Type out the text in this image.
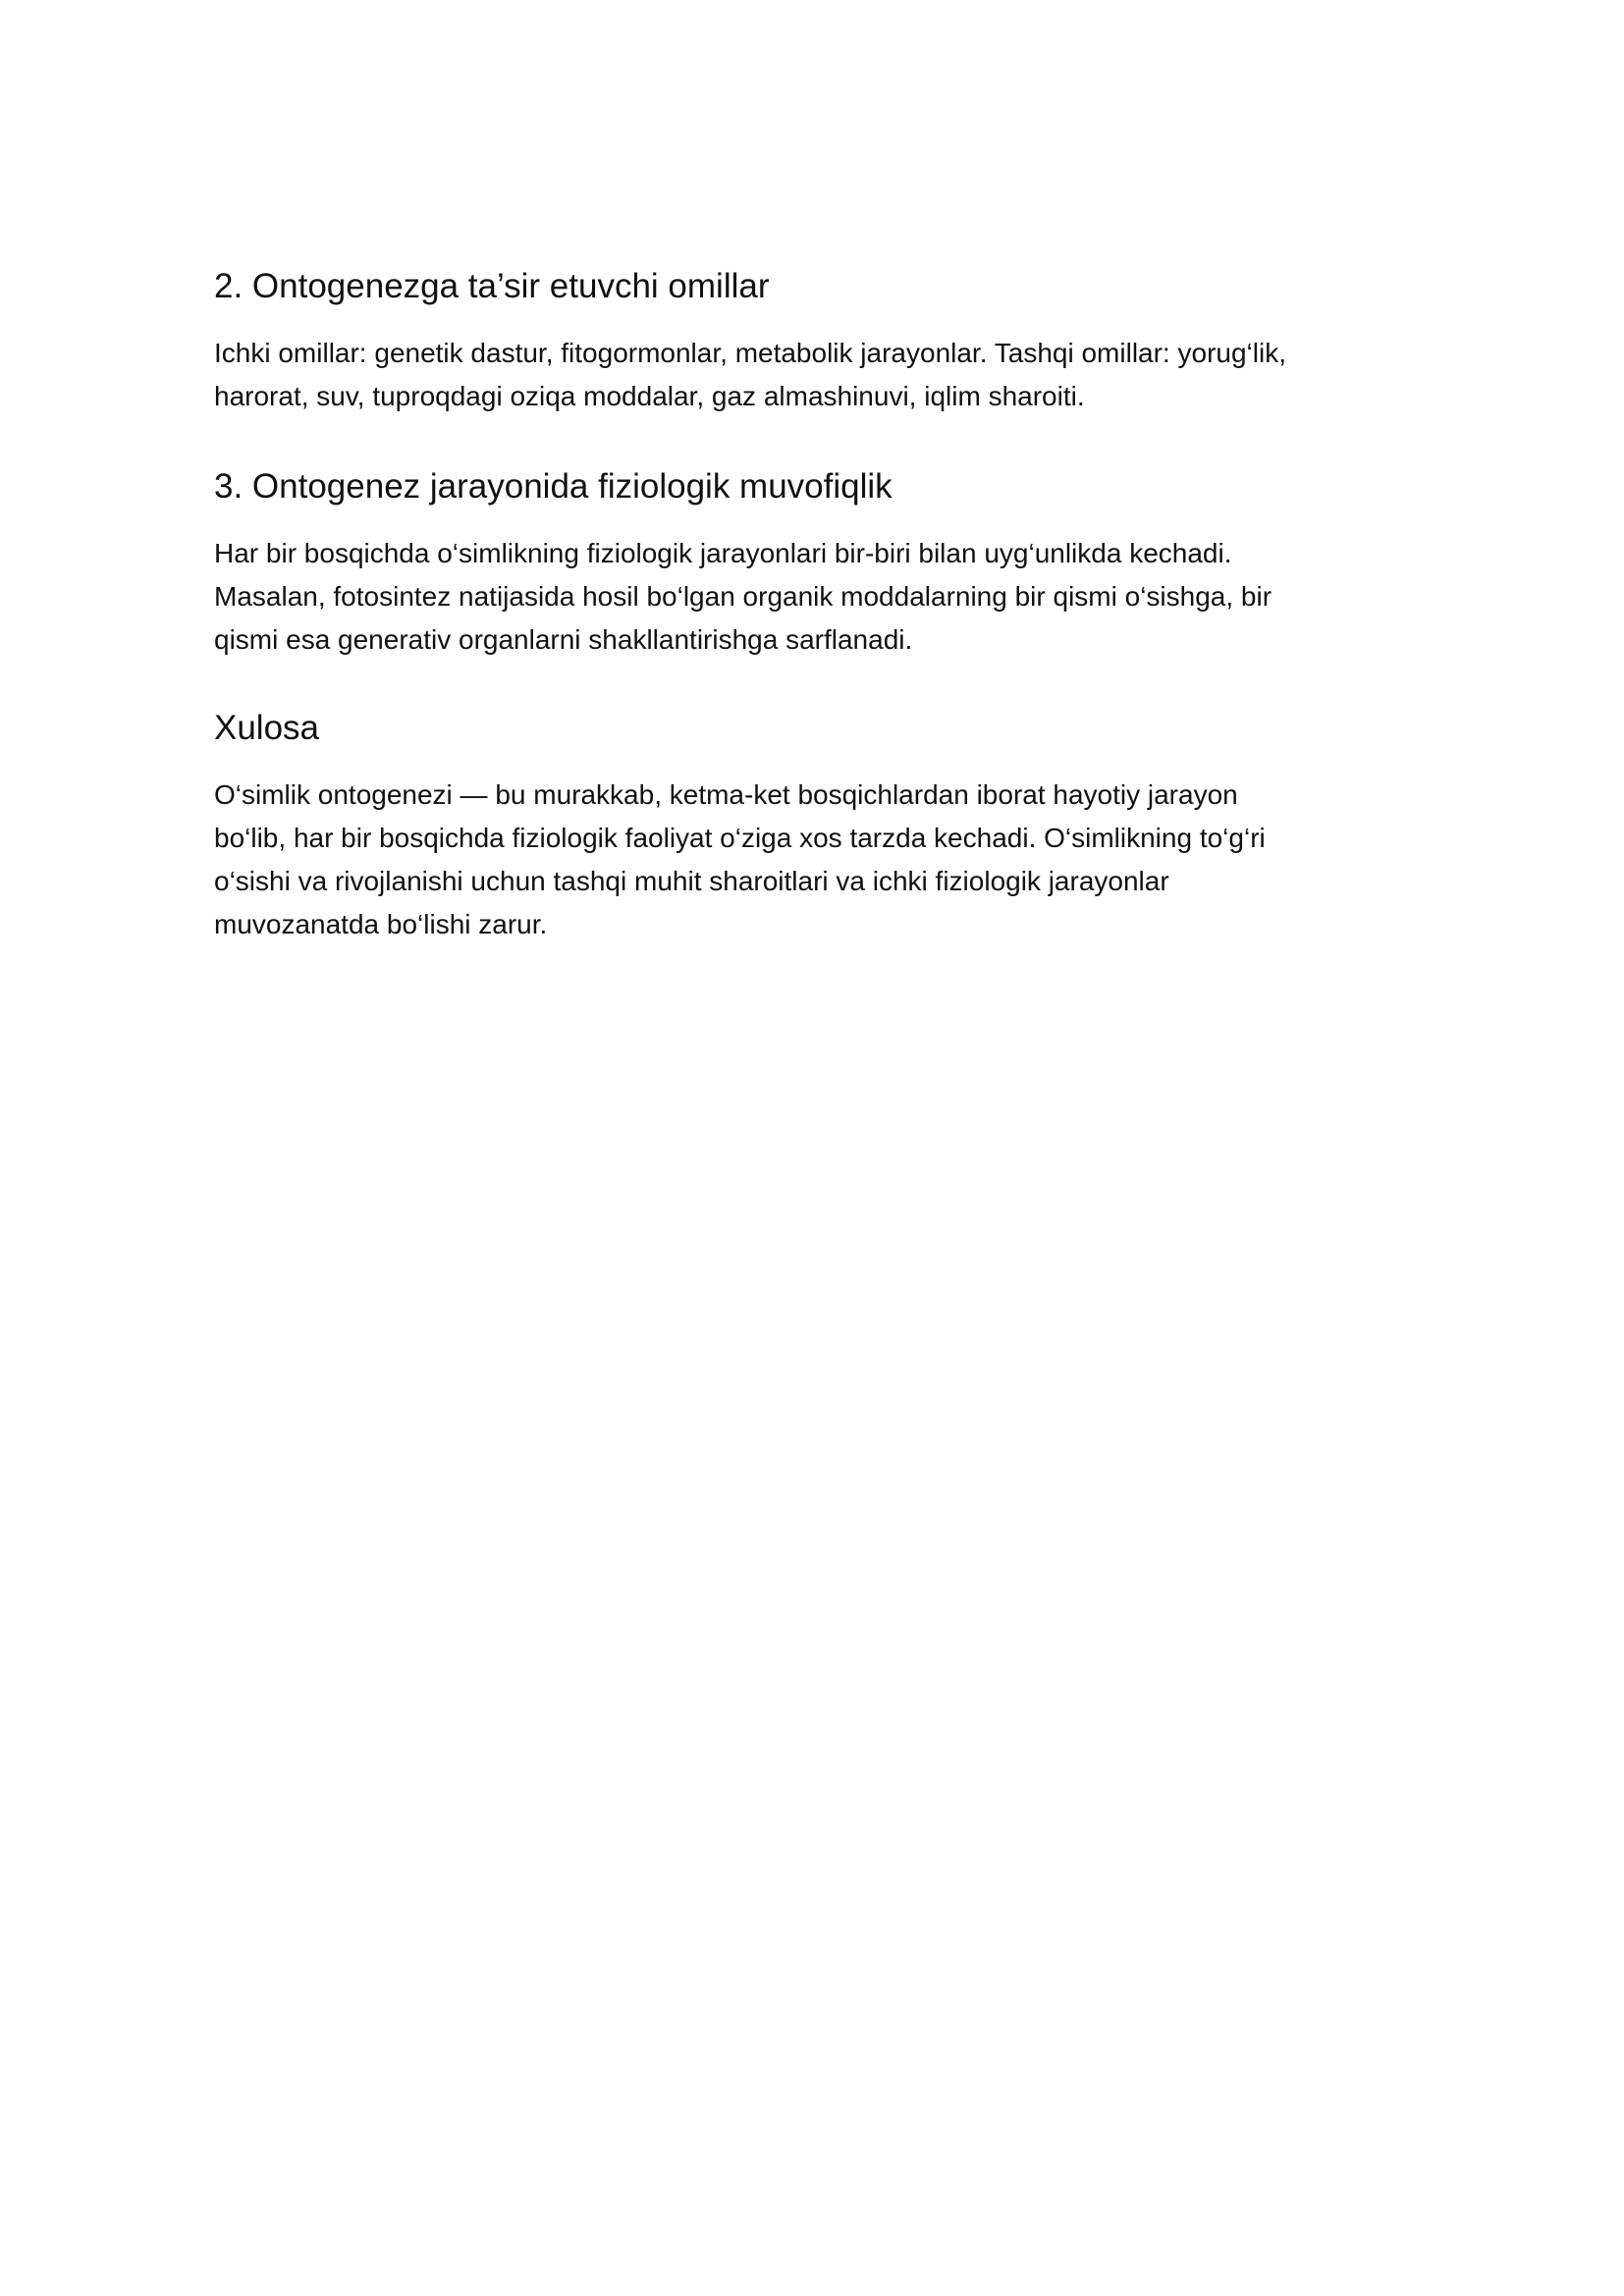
2. Ontogenezga ta’sir etuvchi omillar

Ichki omillar: genetik dastur, fitogormonlar, metabolik jarayonlar. Tashqi omillar: yorug‘lik,
harorat, suv, tuproqdagi oziqa moddalar, gaz almashinuvi, iqlim sharoiti.

3. Ontogenez jarayonida fiziologik muvofiqlik

Har bir bosqichda o‘simlikning fiziologik jarayonlari bir-biri bilan uyg‘unlikda kechadi.
Masalan, fotosintez natijasida hosil bo‘lgan organik moddalarning bir qismi o‘sishga, bir
qismi esa generativ organlarni shakllantirishga sarflanadi.

Xulosa

O‘simlik ontogenezi — bu murakkab, ketma-ket bosqichlardan iborat hayotiy jarayon
bo‘lib, har bir bosqichda fiziologik faoliyat o‘ziga xos tarzda kechadi. O‘simlikning to‘g‘ri
o‘sishi va rivojlanishi uchun tashqi muhit sharoitlari va ichki fiziologik jarayonlar
muvozanatda bo‘lishi zarur.
